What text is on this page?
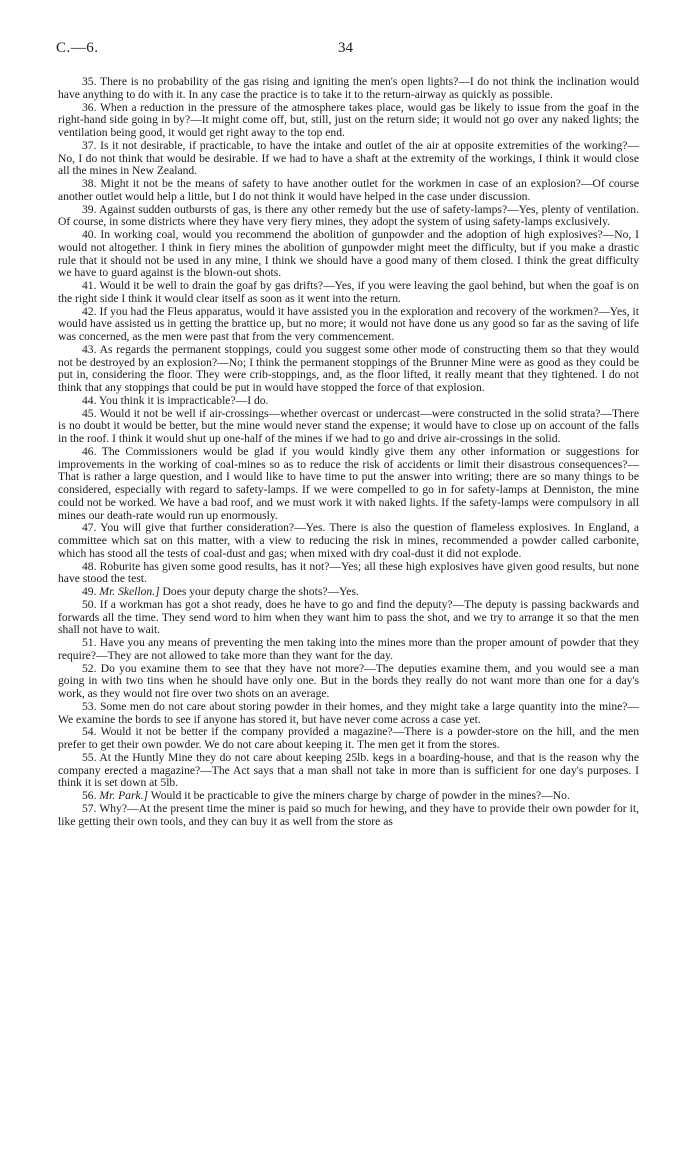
C.—6.	34

35. There is no probability of the gas rising and igniting the men's open lights?—I do not think the inclination would have anything to do with it. In any case the practice is to take it to the return-airway as quickly as possible.

36. When a reduction in the pressure of the atmosphere takes place, would gas be likely to issue from the goaf in the right-hand side going in by?—It might come off, but, still, just on the return side; it would not go over any naked lights; the ventilation being good, it would get right away to the top end.

37. Is it not desirable, if practicable, to have the intake and outlet of the air at opposite extremities of the working?—No, I do not think that would be desirable. If we had to have a shaft at the extremity of the workings, I think it would close all the mines in New Zealand.

38. Might it not be the means of safety to have another outlet for the workmen in case of an explosion?—Of course another outlet would help a little, but I do not think it would have helped in the case under discussion.

39. Against sudden outbursts of gas, is there any other remedy but the use of safety-lamps?—Yes, plenty of ventilation. Of course, in some districts where they have very fiery mines, they adopt the system of using safety-lamps exclusively.

40. In working coal, would you recommend the abolition of gunpowder and the adoption of high explosives?—No, I would not altogether. I think in fiery mines the abolition of gunpowder might meet the difficulty, but if you make a drastic rule that it should not be used in any mine, I think we should have a good many of them closed. I think the great difficulty we have to guard against is the blown-out shots.

41. Would it be well to drain the goaf by gas drifts?—Yes, if you were leaving the gaol behind, but when the goaf is on the right side I think it would clear itself as soon as it went into the return.

42. If you had the Fleus apparatus, would it have assisted you in the exploration and recovery of the workmen?—Yes, it would have assisted us in getting the brattice up, but no more; it would not have done us any good so far as the saving of life was concerned, as the men were past that from the very commencement.

43. As regards the permanent stoppings, could you suggest some other mode of constructing them so that they would not be destroyed by an explosion?—No; I think the permanent stoppings of the Brunner Mine were as good as they could be put in, considering the floor. They were crib-stoppings, and, as the floor lifted, it really meant that they tightened. I do not think that any stoppings that could be put in would have stopped the force of that explosion.

44. You think it is impracticable?—I do.

45. Would it not be well if air-crossings—whether overcast or undercast—were constructed in the solid strata?—There is no doubt it would be better, but the mine would never stand the expense; it would have to close up on account of the falls in the roof. I think it would shut up one-half of the mines if we had to go and drive air-crossings in the solid.

46. The Commissioners would be glad if you would kindly give them any other information or suggestions for improvements in the working of coal-mines so as to reduce the risk of accidents or limit their disastrous consequences?—That is rather a large question, and I would like to have time to put the answer into writing; there are so many things to be considered, especially with regard to safety-lamps. If we were compelled to go in for safety-lamps at Denniston, the mine could not be worked. We have a bad roof, and we must work it with naked lights. If the safety-lamps were compulsory in all mines our death-rate would run up enormously.

47. You will give that further consideration?—Yes. There is also the question of flameless explosives. In England, a committee which sat on this matter, with a view to reducing the risk in mines, recommended a powder called carbonite, which has stood all the tests of coal-dust and gas; when mixed with dry coal-dust it did not explode.

48. Roburite has given some good results, has it not?—Yes; all these high explosives have given good results, but none have stood the test.

49. Mr. Skellon.] Does your deputy charge the shots?—Yes.

50. If a workman has got a shot ready, does he have to go and find the deputy?—The deputy is passing backwards and forwards all the time. They send word to him when they want him to pass the shot, and we try to arrange it so that the men shall not have to wait.

51. Have you any means of preventing the men taking into the mines more than the proper amount of powder that they require?—They are not allowed to take more than they want for the day.

52. Do you examine them to see that they have not more?—The deputies examine them, and you would see a man going in with two tins when he should have only one. But in the bords they really do not want more than one for a day's work, as they would not fire over two shots on an average.

53. Some men do not care about storing powder in their homes, and they might take a large quantity into the mine?—We examine the bords to see if anyone has stored it, but have never come across a case yet.

54. Would it not be better if the company provided a magazine?—There is a powder-store on the hill, and the men prefer to get their own powder. We do not care about keeping it. The men get it from the stores.

55. At the Huntly Mine they do not care about keeping 25lb. kegs in a boarding-house, and that is the reason why the company erected a magazine?—The Act says that a man shall not take in more than is sufficient for one day's purposes. I think it is set down at 5lb.

56. Mr. Park.] Would it be practicable to give the miners charge by charge of powder in the mines?—No.

57. Why?—At the present time the miner is paid so much for hewing, and they have to provide their own powder for it, like getting their own tools, and they can buy it as well from the store as
